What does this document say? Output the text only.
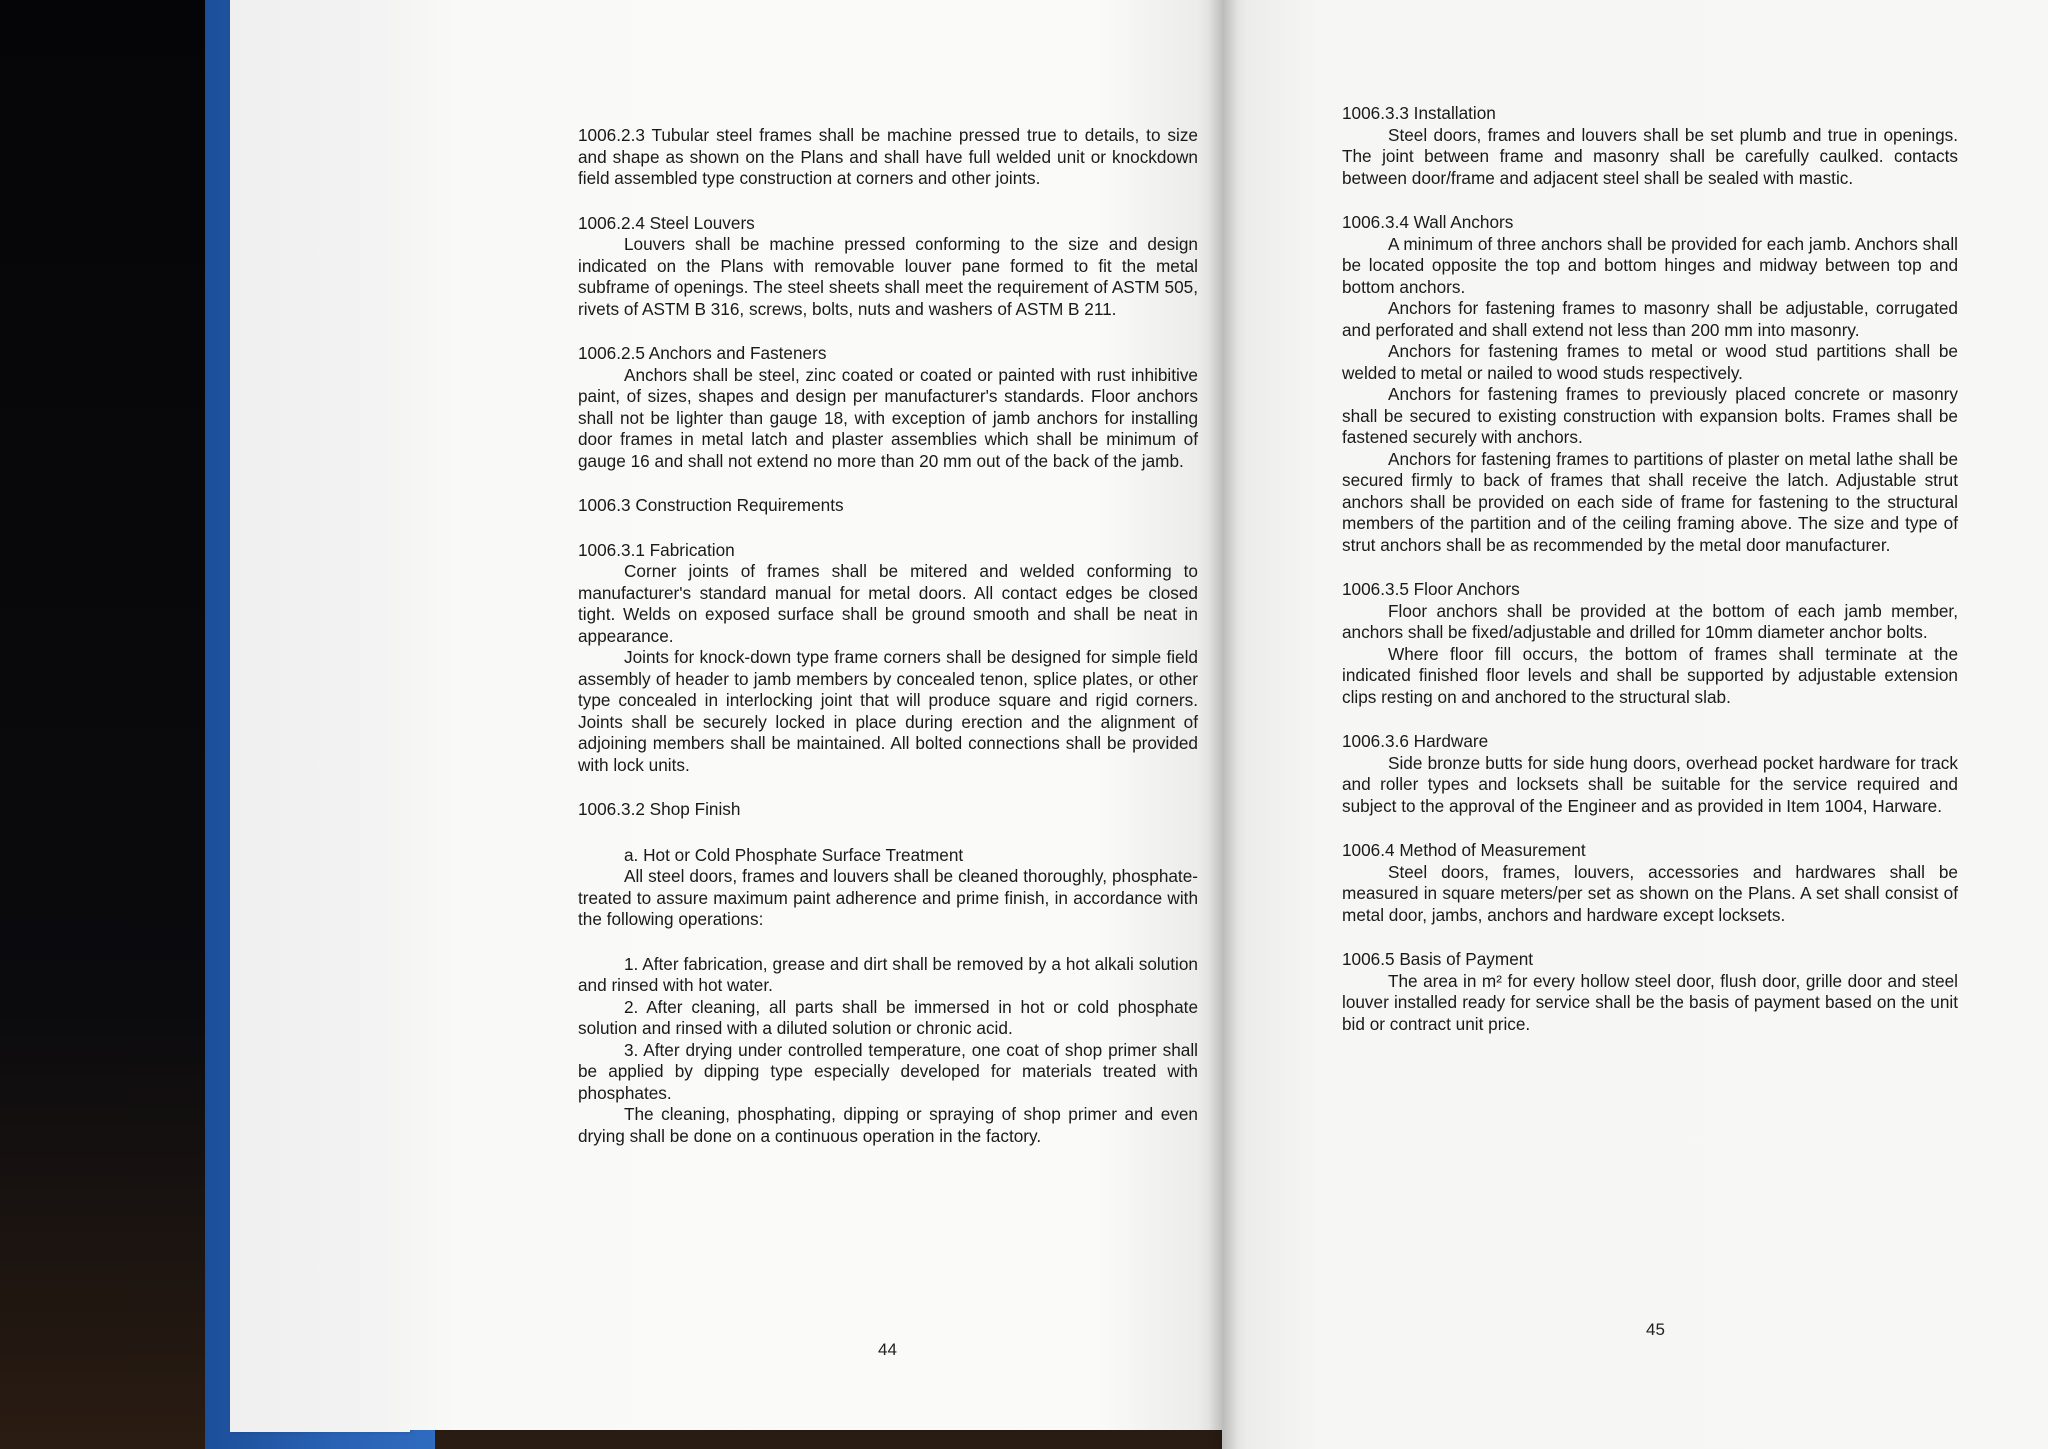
1006.2.3 Tubular steel frames shall be machine pressed true to details, to size and shape as shown on the Plans and shall have full welded unit or knockdown field assembled type construction at corners and other joints.

1006.2.4 Steel Louvers

Louvers shall be machine pressed conforming to the size and design indicated on the Plans with removable louver pane formed to fit the metal subframe of openings. The steel sheets shall meet the requirement of ASTM 505, rivets of ASTM B 316, screws, bolts, nuts and washers of ASTM B 211.

1006.2.5 Anchors and Fasteners

Anchors shall be steel, zinc coated or coated or painted with rust inhibitive paint, of sizes, shapes and design per manufacturer's standards. Floor anchors shall not be lighter than gauge 18, with exception of jamb anchors for installing door frames in metal latch and plaster assemblies which shall be minimum of gauge 16 and shall not extend no more than 20 mm out of the back of the jamb.

1006.3 Construction Requirements

1006.3.1 Fabrication

Corner joints of frames shall be mitered and welded conforming to manufacturer's standard manual for metal doors. All contact edges be closed tight. Welds on exposed surface shall be ground smooth and shall be neat in appearance.

Joints for knock-down type frame corners shall be designed for simple field assembly of header to jamb members by concealed tenon, splice plates, or other type concealed in interlocking joint that will produce square and rigid corners. Joints shall be securely locked in place during erection and the alignment of adjoining members shall be maintained. All bolted connections shall be provided with lock units.

1006.3.2 Shop Finish

a. Hot or Cold Phosphate Surface Treatment

All steel doors, frames and louvers shall be cleaned thoroughly, phosphate-treated to assure maximum paint adherence and prime finish, in accordance with the following operations:

1. After fabrication, grease and dirt shall be removed by a hot alkali solution and rinsed with hot water.

2. After cleaning, all parts shall be immersed in hot or cold phosphate solution and rinsed with a diluted solution or chronic acid.

3. After drying under controlled temperature, one coat of shop primer shall be applied by dipping type especially developed for materials treated with phosphates.

The cleaning, phosphating, dipping or spraying of shop primer and even drying shall be done on a continuous operation in the factory.

44

1006.3.3 Installation

Steel doors, frames and louvers shall be set plumb and true in openings. The joint between frame and masonry shall be carefully caulked. contacts between door/frame and adjacent steel shall be sealed with mastic.

1006.3.4 Wall Anchors

A minimum of three anchors shall be provided for each jamb. Anchors shall be located opposite the top and bottom hinges and midway between top and bottom anchors.

Anchors for fastening frames to masonry shall be adjustable, corrugated and perforated and shall extend not less than 200 mm into masonry.

Anchors for fastening frames to metal or wood stud partitions shall be welded to metal or nailed to wood studs respectively.

Anchors for fastening frames to previously placed concrete or masonry shall be secured to existing construction with expansion bolts. Frames shall be fastened securely with anchors.

Anchors for fastening frames to partitions of plaster on metal lathe shall be secured firmly to back of frames that shall receive the latch. Adjustable strut anchors shall be provided on each side of frame for fastening to the structural members of the partition and of the ceiling framing above. The size and type of strut anchors shall be as recommended by the metal door manufacturer.

1006.3.5 Floor Anchors

Floor anchors shall be provided at the bottom of each jamb member, anchors shall be fixed/adjustable and drilled for 10mm diameter anchor bolts.

Where floor fill occurs, the bottom of frames shall terminate at the indicated finished floor levels and shall be supported by adjustable extension clips resting on and anchored to the structural slab.

1006.3.6 Hardware

Side bronze butts for side hung doors, overhead pocket hardware for track and roller types and locksets shall be suitable for the service required and subject to the approval of the Engineer and as provided in Item 1004, Harware.

1006.4 Method of Measurement

Steel doors, frames, louvers, accessories and hardwares shall be measured in square meters/per set as shown on the Plans. A set shall consist of metal door, jambs, anchors and hardware except locksets.

1006.5 Basis of Payment

The area in m² for every hollow steel door, flush door, grille door and steel louver installed ready for service shall be the basis of payment based on the unit bid or contract unit price.

45
